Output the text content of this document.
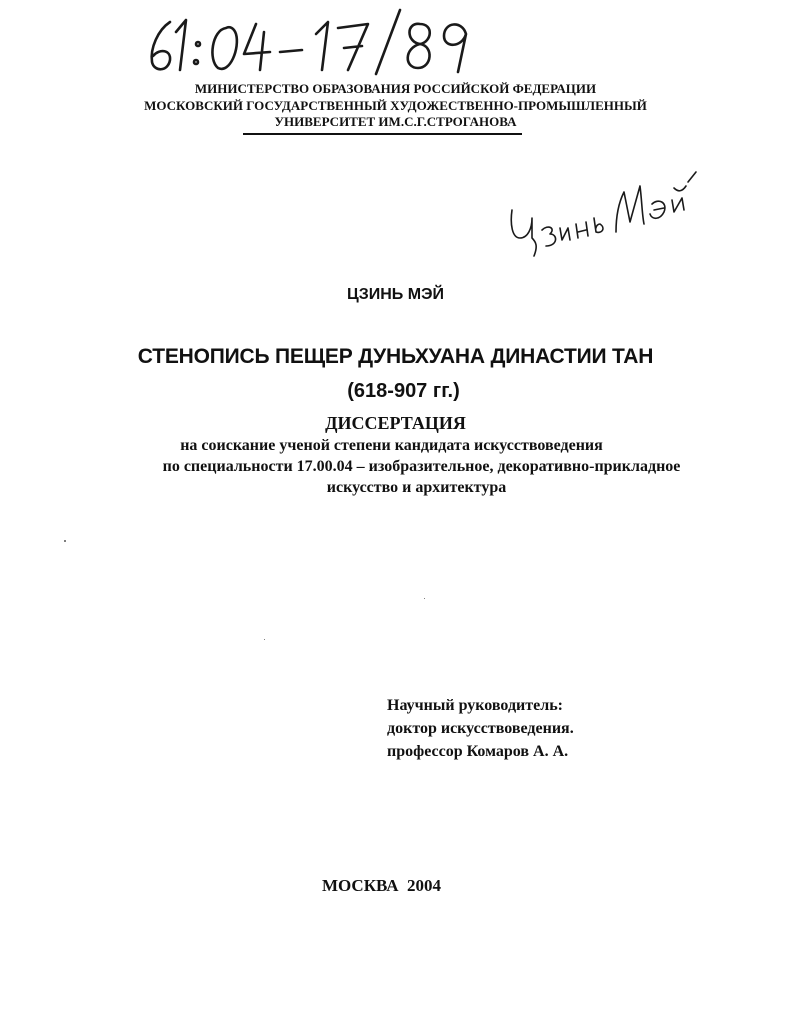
МИНИСТЕРСТВО ОБРАЗОВАНИЯ РОССИЙСКОЙ ФЕДЕРАЦИИ
МОСКОВСКИЙ ГОСУДАРСТВЕННЫЙ ХУДОЖЕСТВЕННО-ПРОМЫШЛЕННЫЙ
УНИВЕРСИТЕТ ИМ.С.Г.СТРОГАНОВА
ЦЗИНЬ МЭЙ
СТЕНОПИСЬ ПЕЩЕР ДУНЬХУАНА ДИНАСТИИ ТАН
(618-907 гг.)
ДИССЕРТАЦИЯ
на соискание ученой степени кандидата искусствоведения
по специальности 17.00.04 – изобразительное, декоративно-прикладное
искусство и архитектура
Научный руководитель:
доктор искусствоведения.
профессор Комаров А. А.
МОСКВА  2004
